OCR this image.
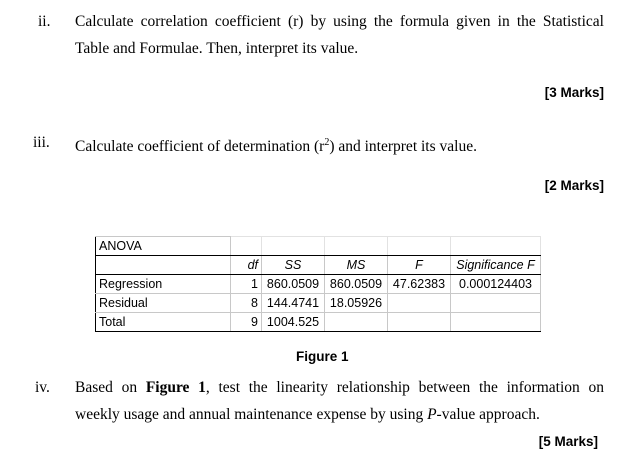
ii. Calculate correlation coefficient (r) by using the formula given in the Statistical
Table and Formulae. Then, interpret its value.
[3 Marks]
iii. Calculate coefficient of determination $(r^2)$ and interpret its value.
[2 Marks]
ANOVA					
	df	SS	MS	F	Significance F
Regression	1	860.0509	860.0509	47.62383	0.000124403
Residual	8	144.4741	18.05926		
Total	9	1004.525			
Figure 1
iv. Based on Figure 1, test the linearity relationship between the information on
weekly usage and annual maintenance expense by using P-value approach.
[5 Marks]
